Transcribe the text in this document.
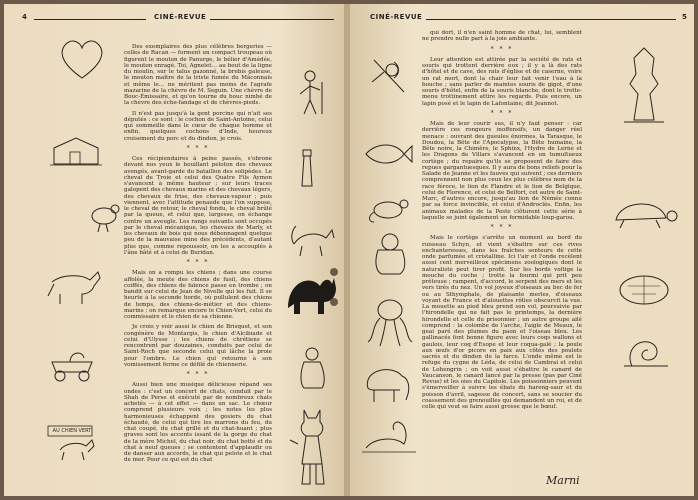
4	CINÉ-REVUE

Des exemplaires des plus célèbres bergeries — celles de Racan — forment un compact troupeau où figurent le mouton de Panurge, le bélier d'Amédée, le mouton enragé. Toi, Agnelet… au bout de la ligne du moulin, sur le talus gazonné, la brebis galeuse, le mouton maître de la triste fumée du Mâconnais et même le… ne méritent pas moins de l'agrafe mazarine de la chèvre de M. Seguin. Une chèvre de Bouc-Émissaire, et qu'on tourne du bouc nimbé de la chèvre des éche-fandage et de chèvres-pieds.

Il n'est pas jusqu'à la gent porcine qui n'ait ses députés : ce sont : le cochon de Saint-Antoine, celui qui sommeille dans le cœur de chaque homme et enfin, quelques cochons d'Inde, heureux croisement du porc et du dindon, je crois.

* * *

Ces récipiendaires à peine passés, s'obrone devant nos yeux le bouillant peloton des chevaux avengés, avant-garde du bataillon des solipèdes. Le cheval de Troie et celui des Quatre Fils Aymon s'avancent à même hauteur ; sur leurs traces galopent des chevaux marins et des chevaux légers, des chevaux de frise, des chevaux-vapeur ; puis viennent, avec l'attitude penaude que l'on suppose, le cheval de retour, le cheval fondu, le cheval brûlé par la queue, et celui que, largesse, on échange contre un aveugle. Les rangs suivants sont occupés par le cheval mécanique, les chevaux de Marly, et les chevaux de bois qui nous débonnagent quelque peu de la mauvaise mine des précédents, d'autant plus que, comme repoussoir, on les a accouplés à l'âne bâté et à celui de Buridan.

* * *

Mais on a rompu les chiens ; dans une course affolée, la meute des chiens de fusil, des chiens coiffés, des chiens de faïence passe en trombe ; on bandit sur celui de Jean de Nivelle qui les fuit. Il se heurte à la seconde horde, où pullulent des chiens de temps, des chiens-de-métier et des chiens-marins ; on remarque encore le Chien-Vert, celui du commissaire et le chien de sa chienne.

Je crois y voir aussi le chien de Brisquet, et son congénère de Montargis, le chien d'Alcibiade et celui d'Ulysse ; les chiens de chrétiens se rencontrent par douzaines, conduits par celui de Saint-Roch que seconde celui qui lâche la proie pour l'ombre. Le chien qui retourne à son vomissement ferme ce défilé de chiennerie.

* * *

Aussi bien une musique délicieuse répand ses ondes : c'est un concert de chats, conduit par le Shah de Perse et exécuté par de nombreux chats achetés — à cet effet — dans un sac. Le chœur comprend plusieurs voix ; les notes les plus harmonieuses échappent des gosiers du chat échaudé, de celui qui tire les marrons du feu, du chat coupé, du chat grillé et du chat-huant ; plus graves sont les accents issant de la gorge du chat de la mère Michel, du chat noir, du chat botté et du chat à neuf queues ; se contentent d'applaudir ou de danser aux accords, le chat qui pelote et le chat de mer. Pour ce qui est du chat

AU CHIEN VERT
CINÉ-REVUE	5

qui dort, il n'en saint homme de chat, lui, semblent ne prendre nulle part à la joie ambiante.

* * *

Leur attention est attirée par la société de rats et souris qui trottent derrière eux ; il y a là des rats d'hôtel et de cave, des rats d'église et de caserne, voire un rat mort, dont la chair leur fait venir l'eau à la bouche ; sans parler de maintes souris de gigot, d'une souris d'hôtel, enfin de la souris blanche, dont le trotte-menu trottinement attire les regards. Puis encore, un lapin posé et le lapin de Lafontaine, dit Jeannot.

* * *

Mais de leur courir sus, il n'y faut penser : car derrière ces rongeurs inoffensifs, un danger réel menace : ouvrant des gueules énormes, la Tarasque, le Doudou, la Bête de l'Apocalypse, la Bête humaine, la Bête noire, la Chimère, le Sphinx, l'Hydre de Lerne et les Dragons de Villars s'avancent en un tumultueux cortège ; du repaire qu'ils se proposent de faire des repues gargantuesques. Il y aura de bons reliefs pour la Salade de Jeanne et les fauves qui suivent ; ces derniers comprennent non plus ceux les plus célèbres nom de la race féroce, le lion de Flandre et le lion de Belgique, celui de Florence, et celui de Belfort, cet autre de Saint-Marc, d'autres encore, jusqu'au lion de Némée connu par sa force invincible, et celui d'Androclès. Enfin, les animaux malades de la Peste clôturent cette série à laquelle se joint également un formidable loup-garou.

* * *

Mais le cortège s'arrête un moment au bord du ruisseau Schyn, et vient s'ébattre sur ces rives enchanteresses, dans les fraîches senteurs de cette onde parfumée et cristalline. Ici l'air et l'onde recèlent aussi cent merveilleux spécimens zoologiques dont le naturaliste peut tirer profit. Sur les bords voltige la mouche du coche ; trotte la fourmi qui prit peu prêteuse ; rampent, d'accord, le serpent des mers et les vers tirés du nez. Un vol joyeux d'oiseaux au bec de fer ou au Sthymphale, de plaisante merles, d'oiseaux voyant de France et d'alouettes rôties obscurcit la vue. La mouette au pied bleu prend son vol, poursuivie par l'hirondelle qui ne fait pas le printemps, la dernière hirondelle et celle du prisonnier ; un autre groupe ailé comprend : la colombe de l'arche, l'aigle de Meaux, le geai paré des plumes du paon et l'oiseau bleu. Les gallinacés font bonne figure avec leurs coqs wallons et gaulois, leur coq d'Esope et leur coqua-galé ; la poule aux œufs d'or picore en paix aux côtés des poulets sacrés et du dindon de la farce. L'onde même est le refuge du cygne de Léda, de celui de Cambrai et celui de Lohengrin ; on voit aussi s'ébattre le canard de Vaucanson, le canard lancé par la presse (pas par Ciné Revue) et les oies du Capitole. Les poissonniers peuvent s'émerveiller à suivre les ébats du hareng-saur et du poisson d'avril, sagesse de concert, sans se soucier du coassement des grenouilles qui demandent un roi, et de celle qui veut se faire aussi grosse que le bœuf.

Marni
